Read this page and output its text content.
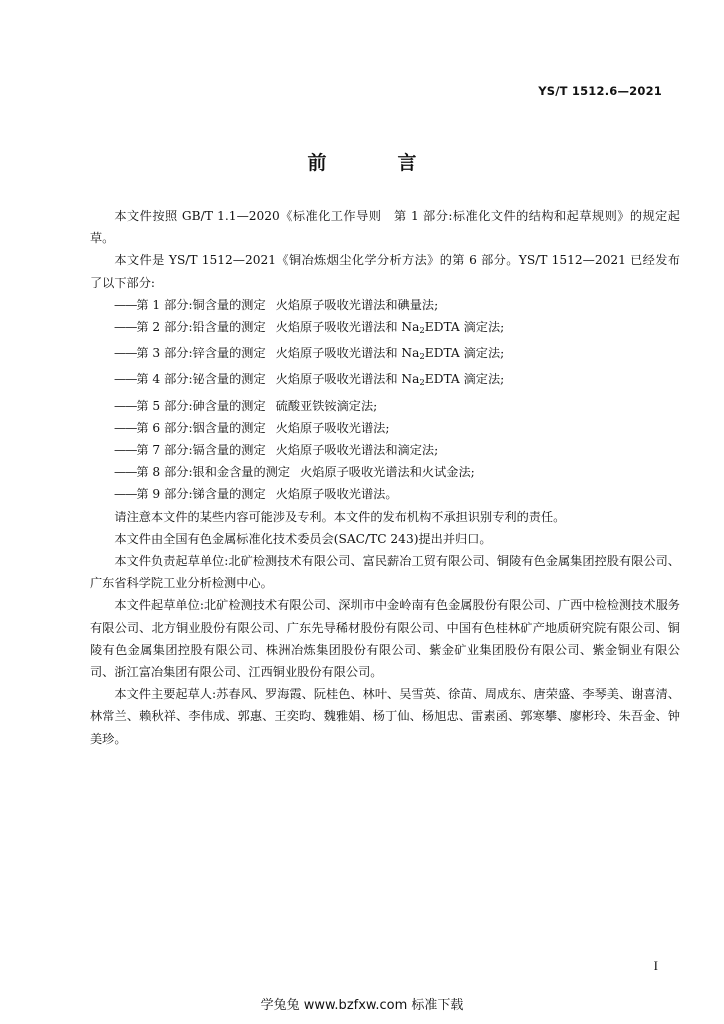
YS/T 1512.6—2021
前　言

本文件按照 GB/T 1.1—2020《标准化工作导则　第 1 部分:标准化文件的结构和起草规则》的规定起草。

本文件是 YS/T 1512—2021《铜冶炼烟尘化学分析方法》的第 6 部分。YS/T 1512—2021 已经发布了以下部分:

——第 1 部分:铜含量的测定 火焰原子吸收光谱法和碘量法;

——第 2 部分:铅含量的测定 火焰原子吸收光谱法和 $Na_2EDTA$ 滴定法;

——第 3 部分:锌含量的测定 火焰原子吸收光谱法和 $Na_2EDTA$ 滴定法;

——第 4 部分:铋含量的测定 火焰原子吸收光谱法和 $Na_2EDTA$ 滴定法;

——第 5 部分:砷含量的测定 硫酸亚铁铵滴定法;

——第 6 部分:铟含量的测定 火焰原子吸收光谱法;

——第 7 部分:镉含量的测定 火焰原子吸收光谱法和滴定法;

——第 8 部分:银和金含量的测定 火焰原子吸收光谱法和火试金法;

——第 9 部分:锑含量的测定 火焰原子吸收光谱法。

请注意本文件的某些内容可能涉及专利。本文件的发布机构不承担识别专利的责任。

本文件由全国有色金属标准化技术委员会(SAC/TC 243)提出并归口。

本文件负责起草单位:北矿检测技术有限公司、富民薪冶工贸有限公司、铜陵有色金属集团控股有限公司、广东省科学院工业分析检测中心。

本文件起草单位:北矿检测技术有限公司、深圳市中金岭南有色金属股份有限公司、广西中检检测技术服务有限公司、北方铜业股份有限公司、广东先导稀材股份有限公司、中国有色桂林矿产地质研究院有限公司、铜陵有色金属集团控股有限公司、株洲冶炼集团股份有限公司、紫金矿业集团股份有限公司、紫金铜业有限公司、浙江富冶集团有限公司、江西铜业股份有限公司。

本文件主要起草人:苏春风、罗海霞、阮桂色、林叶、吴雪英、徐苗、周成东、唐荣盛、李琴美、谢喜清、林常兰、赖秋祥、李伟成、郭惠、王奕昀、魏雅娟、杨丁仙、杨旭忠、雷素函、郭寒攀、廖彬玲、朱吾金、钟美珍。

I
学兔兔 www.bzfxw.com 标准下载
